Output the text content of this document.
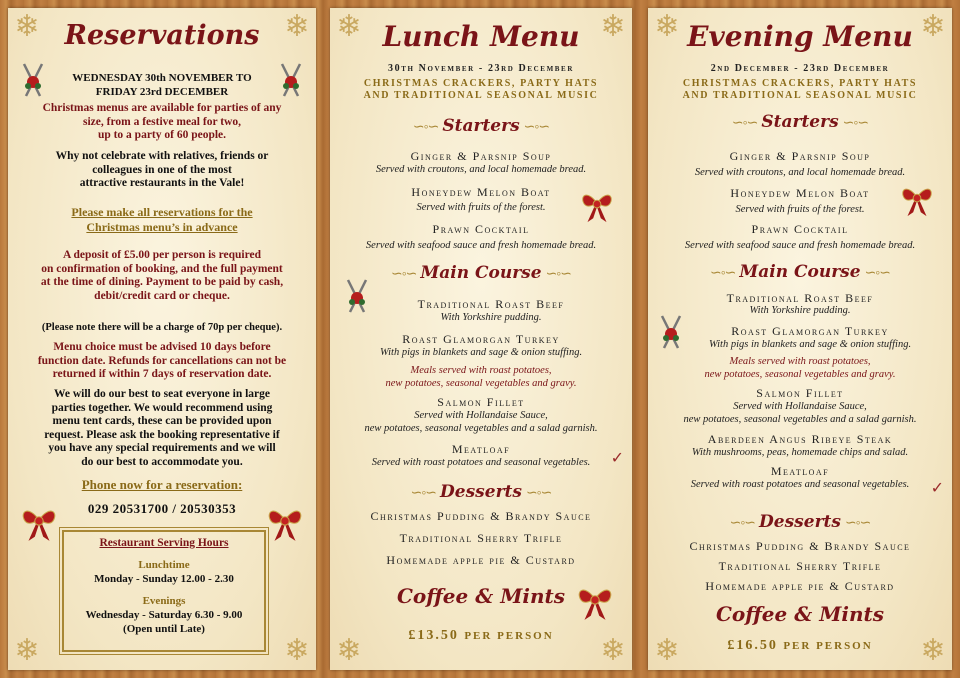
❄	❄
❄	❄
Reservations
WEDNESDAY 30th NOVEMBER TO
FRIDAY 23rd DECEMBER
Christmas menus are available for parties of any
size, from a festive meal for two,
up to a party of 60 people.
Why not celebrate with relatives, friends or
colleagues in one of the most
attractive restaurants in the Vale!
Please make all reservations for the
Christmas menu’s in advance
A deposit of £5.00 per person is required
on confirmation of booking, and the full payment
at the time of dining. Payment to be paid by cash,
debit/credit card or cheque.
(Please note there will be a charge of 70p per cheque).
Menu choice must be advised 10 days before
function date. Refunds for cancellations can not be
returned if within 7 days of reservation date.
We will do our best to seat everyone in large
parties together. We would recommend using
menu tent cards, these can be provided upon
request. Please ask the booking representative if
you have any special requirements and we will
do our best to accommodate you.
Phone now for a reservation:
029 20531700 / 20530353
Restaurant Serving Hours
Lunchtime
Monday - Sunday 12.00 - 2.30
Evenings
Wednesday - Saturday 6.30 - 9.00
(Open until Late)
❄	❄
❄	❄
Lunch Menu
30th November - 23rd December
CHRISTMAS CRACKERS, PARTY HATS
AND TRADITIONAL SEASONAL MUSIC
∽◦∽ Starters ∽◦∽
Ginger & Parsnip Soup
Served with croutons, and local homemade bread.
Honeydew Melon Boat
Served with fruits of the forest.
Prawn Cocktail
Served with seafood sauce and fresh homemade bread.
∽◦∽ Main Course ∽◦∽
Traditional Roast Beef
With Yorkshire pudding.
Roast Glamorgan Turkey
With pigs in blankets and sage & onion stuffing.
Meals served with roast potatoes,
new potatoes, seasonal vegetables and gravy.
Salmon Fillet
Served with Hollandaise Sauce,
new potatoes, seasonal vegetables and a salad garnish.
Meatloaf
Served with roast potatoes and seasonal vegetables.	✓
∽◦∽ Desserts ∽◦∽
Christmas Pudding & Brandy Sauce
Traditional Sherry Trifle
Homemade apple pie & Custard
Coffee & Mints
£13.50 PER PERSON
❄	❄
❄	❄
Evening Menu
2nd December - 23rd December
CHRISTMAS CRACKERS, PARTY HATS
AND TRADITIONAL SEASONAL MUSIC
∽◦∽ Starters ∽◦∽
Ginger & Parsnip Soup
Served with croutons, and local homemade bread.
Honeydew Melon Boat
Served with fruits of the forest.
Prawn Cocktail
Served with seafood sauce and fresh homemade bread.
∽◦∽ Main Course ∽◦∽
Traditional Roast Beef
With Yorkshire pudding.
Roast Glamorgan Turkey
With pigs in blankets and sage & onion stuffing.
Meals served with roast potatoes,
new potatoes, seasonal vegetables and gravy.
Salmon Fillet
Served with Hollandaise Sauce,
new potatoes, seasonal vegetables and a salad garnish.
Aberdeen Angus Ribeye Steak
With mushrooms, peas, homemade chips and salad.
Meatloaf
Served with roast potatoes and seasonal vegetables.	✓
∽◦∽ Desserts ∽◦∽
Christmas Pudding & Brandy Sauce
Traditional Sherry Trifle
Homemade apple pie & Custard
Coffee & Mints
£16.50 PER PERSON
